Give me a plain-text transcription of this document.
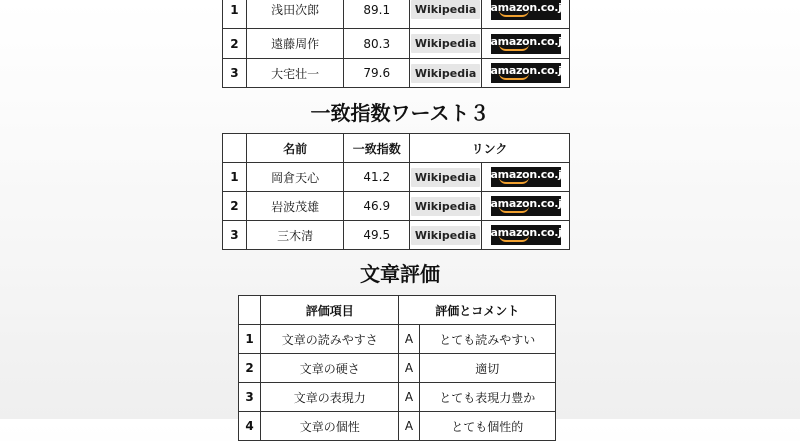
1	浅田次郎	89.1	Wikipedia	amazon.co.jp

2	遠藤周作	80.3	Wikipedia	amazon.co.jp

3	大宅壮一	79.6	Wikipedia	amazon.co.jp
一致指数ワースト３
	名前	一致指数	リンク	
1	岡倉天心	41.2	Wikipedia	amazon.co.jp

2	岩波茂雄	46.9	Wikipedia	amazon.co.jp

3	三木清	49.5	Wikipedia	amazon.co.jp
文章評価
	評価項目	評価とコメント	
1	文章の読みやすさ	A	とても読みやすい
2	文章の硬さ	A	適切
3	文章の表現力	A	とても表現力豊か
4	文章の個性	A	とても個性的
